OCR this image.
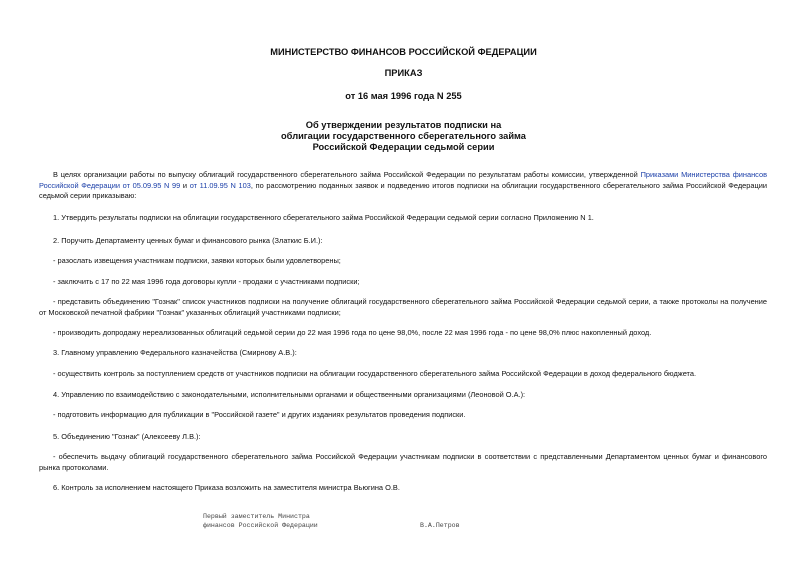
МИНИСТЕРСТВО ФИНАНСОВ РОССИЙСКОЙ ФЕДЕРАЦИИ

ПРИКАЗ

от 16 мая 1996 года N 255

Об утверждении результатов подписки на
облигации государственного сберегательного займа
Российской Федерации седьмой серии

В целях организации работы по выпуску облигаций государственного сберегательного займа Российской Федерации по результатам работы комиссии, утвержденной Приказами Министерства финансов Российской Федерации от 05.09.95 N 99 и от 11.09.95 N 103, по рассмотрению поданных заявок и подведению итогов подписки на облигации государственного сберегательного займа Российской Федерации седьмой серии приказываю:

1. Утвердить результаты подписки на облигации государственного сберегательного займа Российской Федерации седьмой серии согласно Приложению N 1.

2. Поручить Департаменту ценных бумаг и финансового рынка (Златкис Б.И.):

- разослать извещения участникам подписки, заявки которых были удовлетворены;

- заключить с 17 по 22 мая 1996 года договоры купли - продажи с участниками подписки;

- представить объединению "Гознак" список участников подписки на получение облигаций государственного сберегательного займа Российской Федерации седьмой серии, а также протоколы на получение от Московской печатной фабрики "Гознак" указанных облигаций участниками подписки;

- производить допродажу нереализованных облигаций седьмой серии до 22 мая 1996 года по цене 98,0%, после 22 мая 1996 года - по цене 98,0% плюс накопленный доход.

3. Главному управлению Федерального казначейства (Смирнову А.В.):

- осуществить контроль за поступлением средств от участников подписки на облигации государственного сберегательного займа Российской Федерации в доход федерального бюджета.

4. Управлению по взаимодействию с законодательными, исполнительными органами и общественными организациями (Леоновой О.А.):

- подготовить информацию для публикации в "Российской газете" и других изданиях результатов проведения подписки.

5. Объединению "Гознак" (Алексееву Л.В.):

- обеспечить выдачу облигаций государственного сберегательного займа Российской Федерации участникам подписки в соответствии с представленными Департаментом ценных бумаг и финансового рынка протоколами.

6. Контроль за исполнением настоящего Приказа возложить на заместителя министра Вьюгина О.В.

Первый заместитель Министра

финансов Российской Федерации	В.А.Петров
